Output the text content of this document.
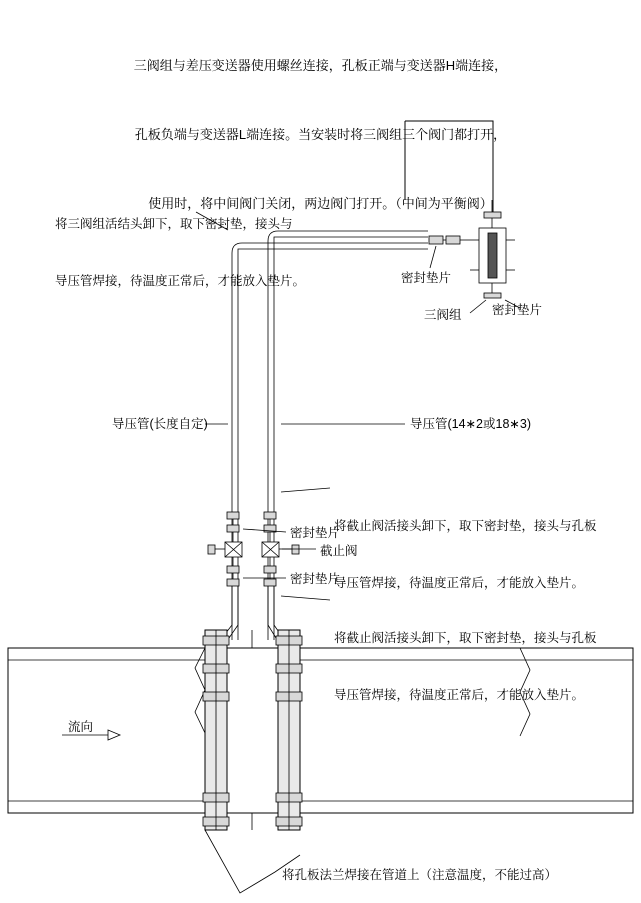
三阀组与差压变送器使用螺丝连接，孔板正端与变送器H端连接，

孔板负端与变送器L端连接。当安装时将三阀组三个阀门都打开，

使用时，将中间阀门关闭，两边阀门打开。（中间为平衡阀）

将三阀组活结头卸下，取下密封垫，接头与

导压管焊接，待温度正常后，才能放入垫片。

	密封垫片
三阀组 密封垫片
导压管(长度自定)	导压管(14∗2或18∗3)

将截止阀活接头卸下，取下密封垫，接头与孔板

导压管焊接，待温度正常后，才能放入垫片。

密封垫片
截止阀
密封垫片

将截止阀活接头卸下，取下密封垫，接头与孔板

导压管焊接，待温度正常后，才能放入垫片。

流向
将孔板法兰焊接在管道上（注意温度，不能过高）
